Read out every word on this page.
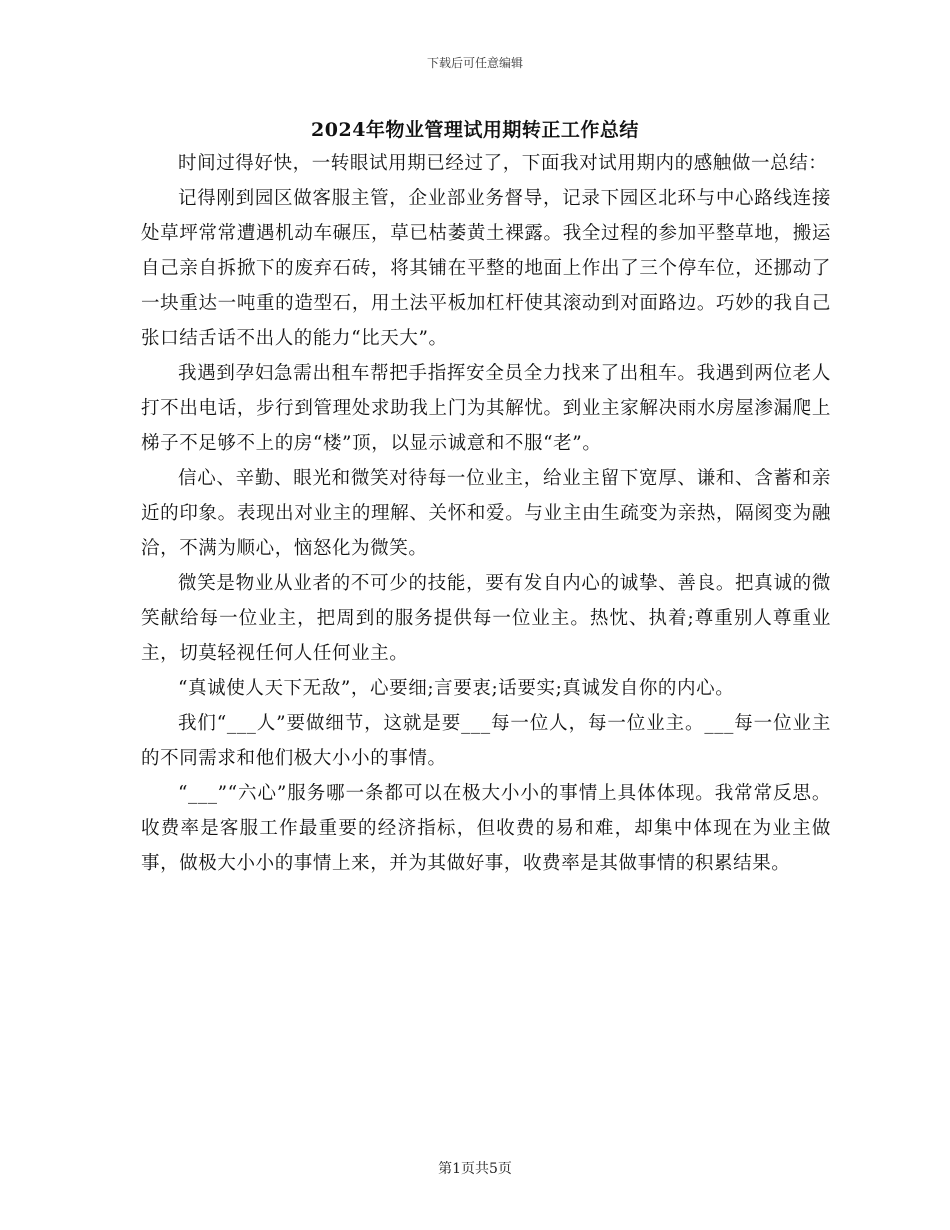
下载后可任意编辑
2024年物业管理试用期转正工作总结

时间过得好快，一转眼试用期已经过了，下面我对试用期内的感触做一总结：

记得刚到园区做客服主管，企业部业务督导，记录下园区北环与中心路线连接处草坪常常遭遇机动车碾压，草已枯萎黄土裸露。我全过程的参加平整草地，搬运自己亲自拆掀下的废弃石砖，将其铺在平整的地面上作出了三个停车位，还挪动了一块重达一吨重的造型石，用土法平板加杠杆使其滚动到对面路边。巧妙的我自己张口结舌话不出人的能力“比天大”。

我遇到孕妇急需出租车帮把手指挥安全员全力找来了出租车。我遇到两位老人打不出电话，步行到管理处求助我上门为其解忧。到业主家解决雨水房屋渗漏爬上梯子不足够不上的房“楼”顶，以显示诚意和不服“老”。

信心、辛勤、眼光和微笑对待每一位业主，给业主留下宽厚、谦和、含蓄和亲近的印象。表现出对业主的理解、关怀和爱。与业主由生疏变为亲热，隔阂变为融洽，不满为顺心，恼怒化为微笑。

微笑是物业从业者的不可少的技能，要有发自内心的诚挚、善良。把真诚的微笑献给每一位业主，把周到的服务提供每一位业主。热忱、执着;尊重别人尊重业主，切莫轻视任何人任何业主。

“真诚使人天下无敌”，心要细;言要衷;话要实;真诚发自你的内心。

我们“___人”要做细节，这就是要___每一位人，每一位业主。___每一位业主的不同需求和他们极大小小的事情。

“___”“六心”服务哪一条都可以在极大小小的事情上具体体现。我常常反思。收费率是客服工作最重要的经济指标，但收费的易和难，却集中体现在为业主做事，做极大小小的事情上来，并为其做好事，收费率是其做事情的积累结果。

第1页共5页
